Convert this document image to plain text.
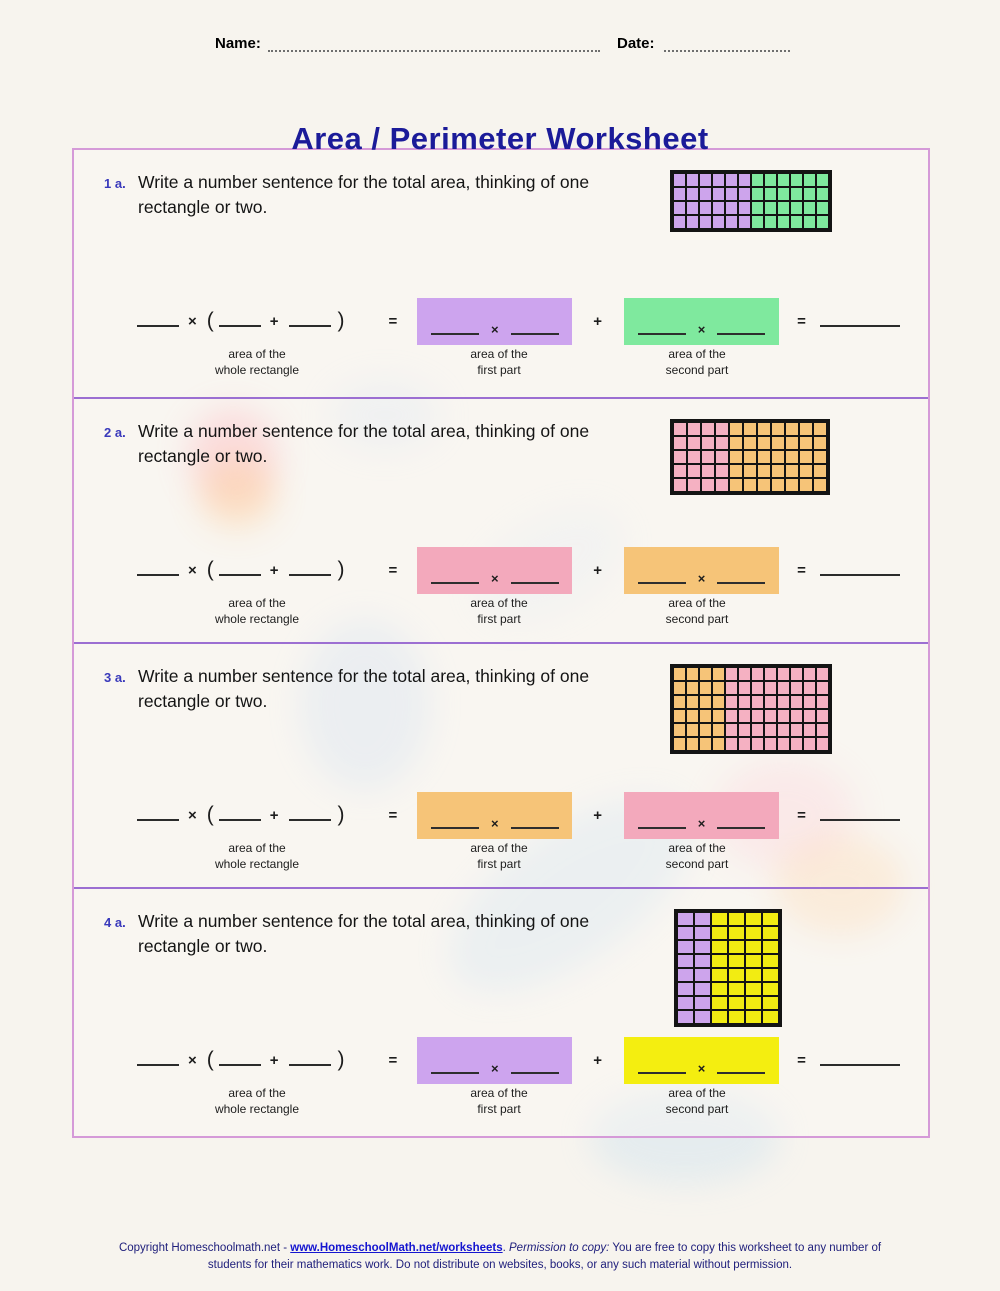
Name:	Date:
Area / Perimeter Worksheet
1 a. Write a number sentence for the total area, thinking of one rectangle or two.

× (	+	)	=	×	+	×	=
area of the
whole rectangle
area of the
first part
area of the
second part
2 a. Write a number sentence for the total area, thinking of one rectangle or two.

× (	+	)	=	×	+	×	=
area of the
whole rectangle
area of the
first part
area of the
second part
3 a. Write a number sentence for the total area, thinking of one rectangle or two.

× (	+	)	=	×	+	×	=
area of the
whole rectangle
area of the
first part
area of the
second part
4 a. Write a number sentence for the total area, thinking of one rectangle or two.

× (	+	)	=	×	+	×	=
area of the
whole rectangle
area of the
first part
area of the
second part
Copyright Homeschoolmath.net - www.HomeschoolMath.net/worksheets. Permission to copy: You are free to copy this worksheet to any number of students for their mathematics work. Do not distribute on websites, books, or any such material without permission.
